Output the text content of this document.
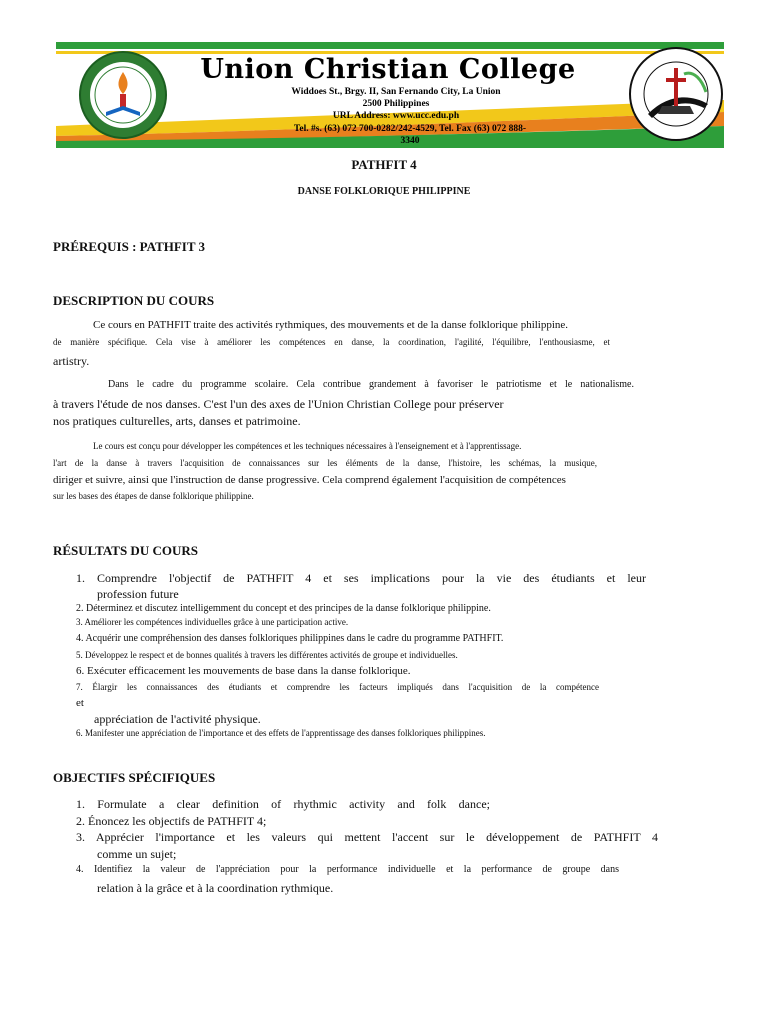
Union Christian College
Widdoes St., Brgy. II, San Fernando City, La Union
2500 Philippines
URL Address: www.ucc.edu.ph
Tel. #s. (63) 072 700-0282/242-4529, Tel. Fax (63) 072 888-
3340
PATHFIT 4
DANSE FOLKLORIQUE PHILIPPINE
PRÉREQUIS : PATHFIT 3
DESCRIPTION DU COURS
Ce cours en PATHFIT traite des activités rythmiques, des mouvements et de la danse folklorique philippine.
de manière spécifique. Cela vise à améliorer les compétences en danse, la coordination, l'agilité, l'équilibre, l'enthousiasme, et
artistry.
Dans le cadre du programme scolaire. Cela contribue grandement à favoriser le patriotisme et le nationalisme.
à travers l'étude de nos danses. C'est l'un des axes de l'Union Christian College pour préserver
nos pratiques culturelles, arts, danses et patrimoine.
Le cours est conçu pour développer les compétences et les techniques nécessaires à l'enseignement et à l'apprentissage.
l'art de la danse à travers l'acquisition de connaissances sur les éléments de la danse, l'histoire, les schémas, la musique,
diriger et suivre, ainsi que l'instruction de danse progressive. Cela comprend également l'acquisition de compétences
sur les bases des étapes de danse folklorique philippine.
RÉSULTATS DU COURS
1. Comprendre l'objectif de PATHFIT 4 et ses implications pour la vie des étudiants et leur
profession future
2. Déterminez et discutez intelligemment du concept et des principes de la danse folklorique philippine.
3. Améliorer les compétences individuelles grâce à une participation active.
4. Acquérir une compréhension des danses folkloriques philippines dans le cadre du programme PATHFIT.
5. Développez le respect et de bonnes qualités à travers les différentes activités de groupe et individuelles.
6. Exécuter efficacement les mouvements de base dans la danse folklorique.
7. Élargir les connaissances des étudiants et comprendre les facteurs impliqués dans l'acquisition de la compétence
et
appréciation de l'activité physique.
6. Manifester une appréciation de l'importance et des effets de l'apprentissage des danses folkloriques philippines.
OBJECTIFS SPÉCIFIQUES
1. Formulate a clear definition of rhythmic activity and folk dance;
2. Énoncez les objectifs de PATHFIT 4;
3. Apprécier l'importance et les valeurs qui mettent l'accent sur le développement de PATHFIT 4
comme un sujet;
4. Identifiez la valeur de l'appréciation pour la performance individuelle et la performance de groupe dans
relation à la grâce et à la coordination rythmique.
